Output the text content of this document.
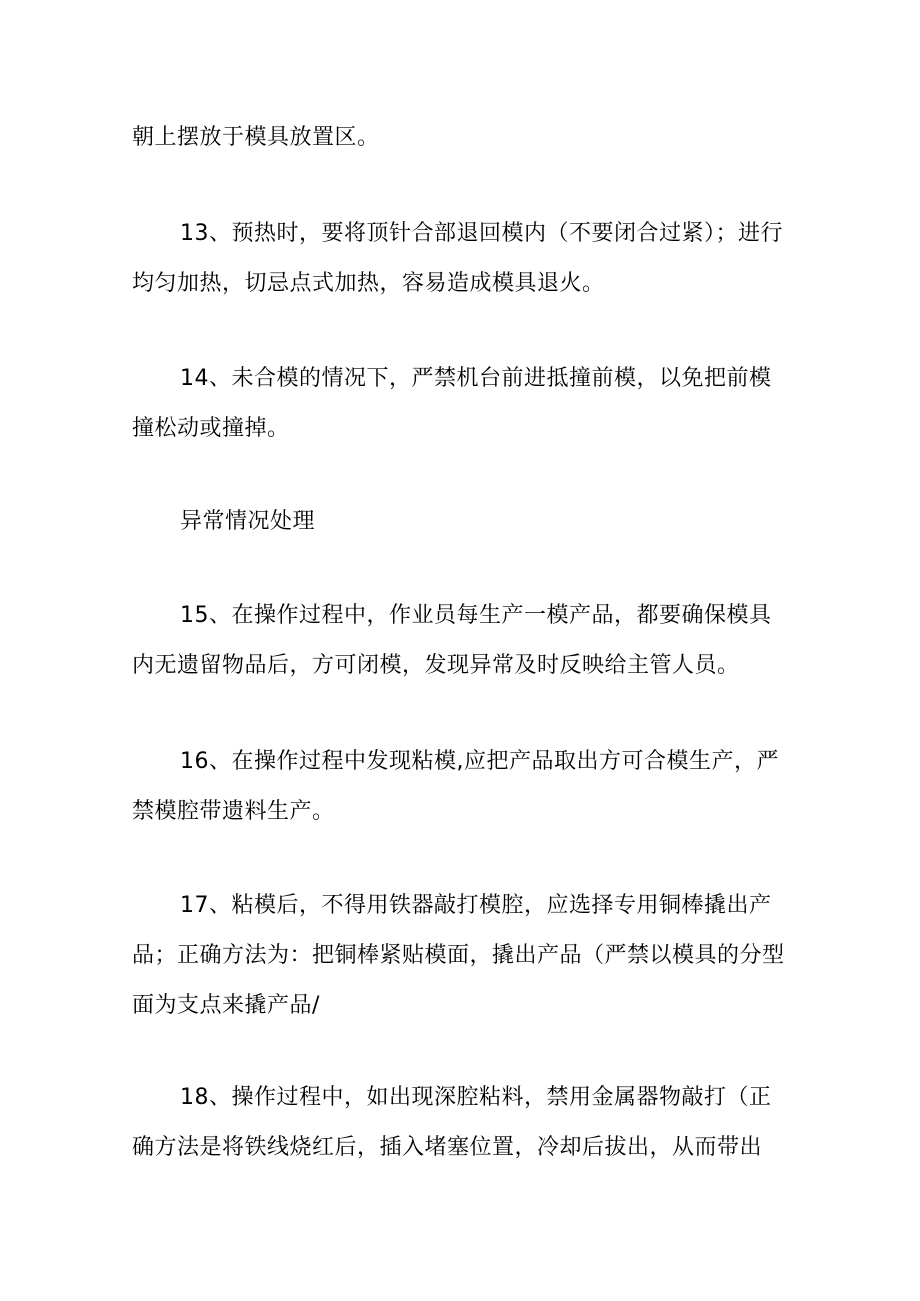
朝上摆放于模具放置区。

13、预热时，要将顶针合部退回模内（不要闭合过紧）；进行均匀加热，切忌点式加热，容易造成模具退火。

14、未合模的情况下，严禁机台前进抵撞前模，以免把前模撞松动或撞掉。

异常情况处理

15、在操作过程中，作业员每生产一模产品，都要确保模具内无遗留物品后，方可闭模，发现异常及时反映给主管人员。

16、在操作过程中发现粘模,应把产品取出方可合模生产，严禁模腔带遗料生产。

17、粘模后，不得用铁器敲打模腔，应选择专用铜棒撬出产品；正确方法为：把铜棒紧贴模面，撬出产品（严禁以模具的分型面为支点来撬产品/

18、操作过程中，如出现深腔粘料，禁用金属器物敲打（正确方法是将铁线烧红后，插入堵塞位置，冷却后拔出，从而带出
